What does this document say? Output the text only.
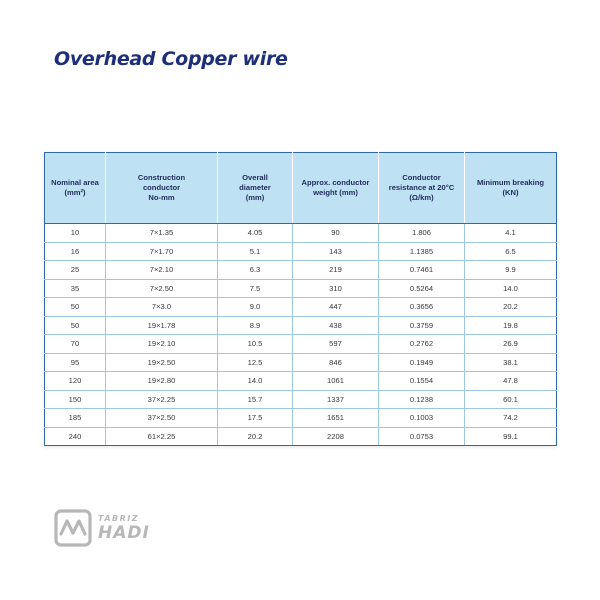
Overhead Copper wire
Nominal area
(mm²)	Construction
conductor
No-mm	Overall
diameter
(mm)	Approx. conductor
weight (mm)	Conductor
resistance at 20°C
(Ω/km)	Minimum breaking
(KN)
10	7×1.35	4.05	90	1.806	4.1
16	7×1.70	5.1	143	1.1385	6.5
25	7×2.10	6.3	219	0.7461	9.9
35	7×2.50	7.5	310	0.5264	14.0
50	7×3.0	9.0	447	0.3656	20.2
50	19×1.78	8.9	438	0.3759	19.8
70	19×2.10	10.5	597	0.2762	26.9
95	19×2.50	12.5	846	0.1949	38.1
120	19×2.80	14.0	1061	0.1554	47.8
150	37×2.25	15.7	1337	0.1238	60.1
185	37×2.50	17.5	1651	0.1003	74.2
240	61×2.25	20.2	2208	0.0753	99.1
TABRIZ
HADI
